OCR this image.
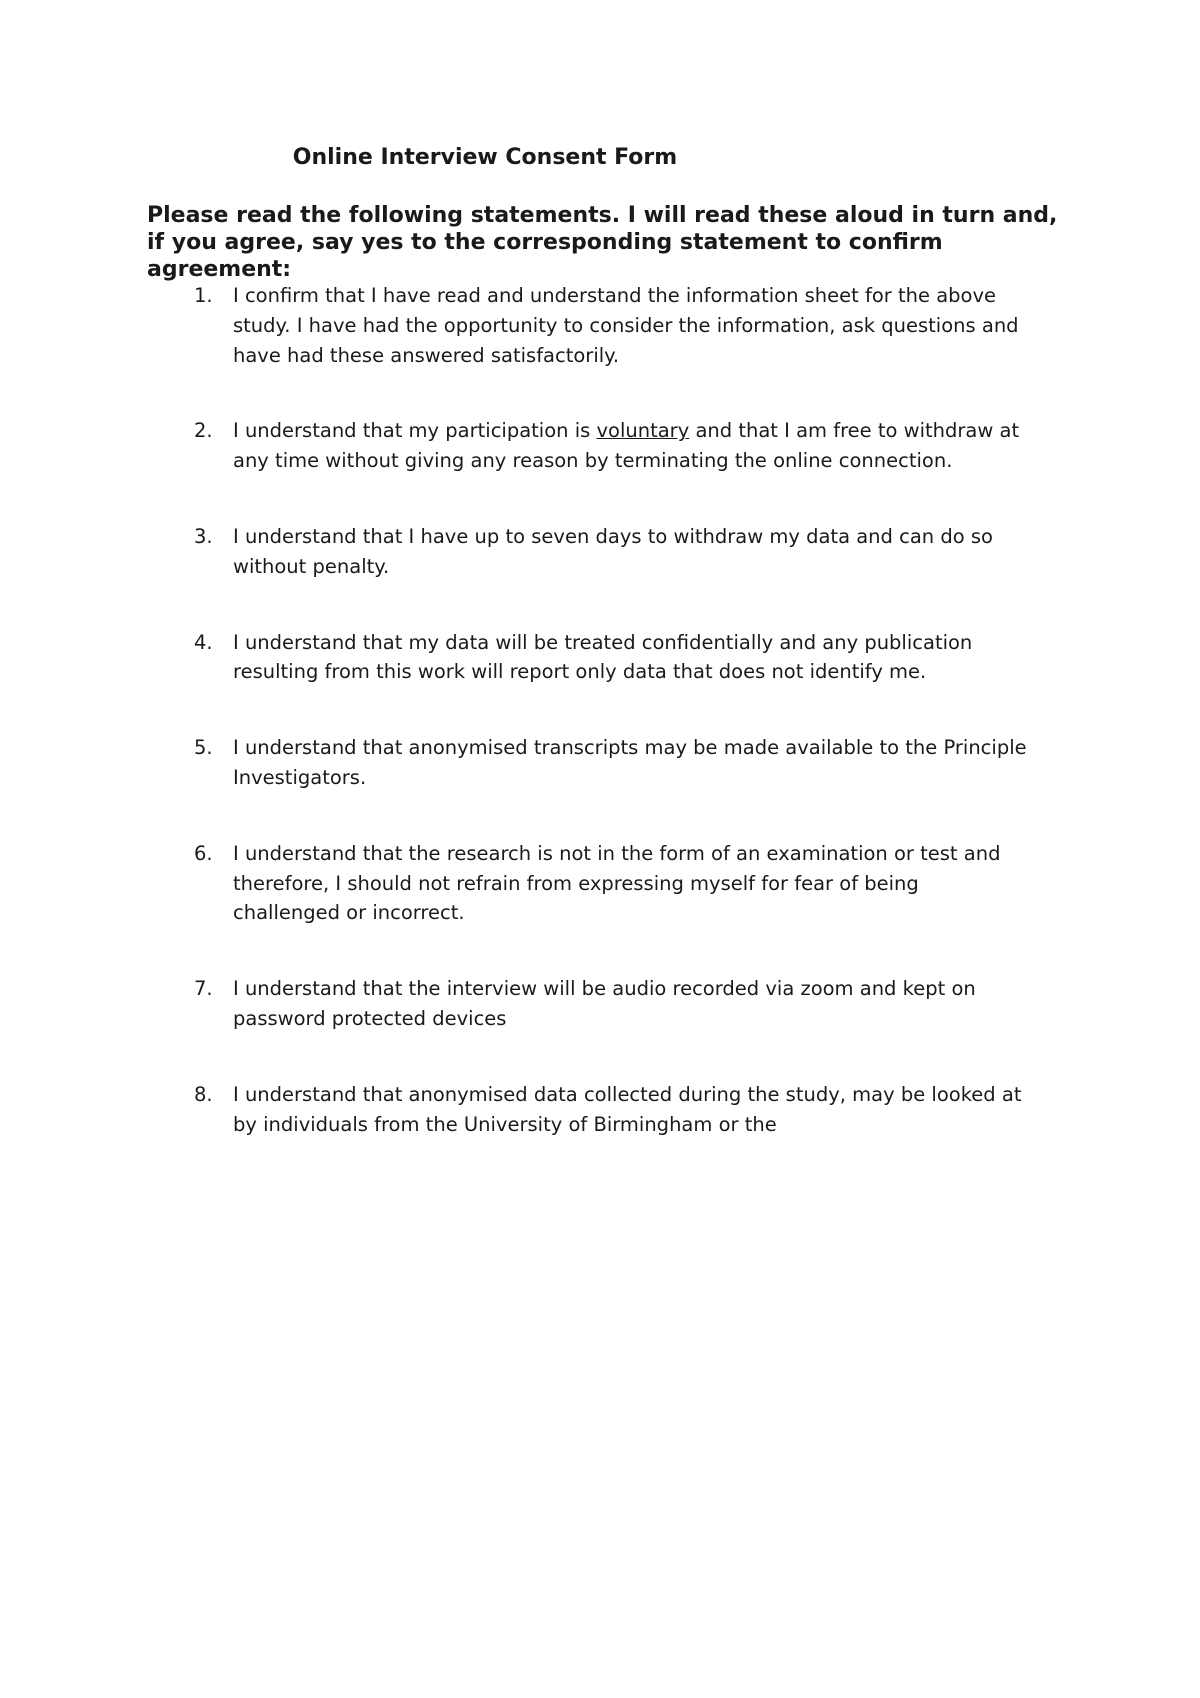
Online Interview Consent Form

Please read the following statements. I will read these aloud in turn and, if you agree, say yes to the corresponding statement to confirm agreement:

1. I confirm that I have read and understand the information sheet for the above study. I have had the opportunity to consider the information, ask questions and have had these answered satisfactorily.
2. I understand that my participation is voluntary and that I am free to withdraw at any time without giving any reason by terminating the online connection.
3. I understand that I have up to seven days to withdraw my data and can do so without penalty.
4. I understand that my data will be treated confidentially and any publication resulting from this work will report only data that does not identify me.
5. I understand that anonymised transcripts may be made available to the Principle Investigators.
6. I understand that the research is not in the form of an examination or test and therefore, I should not refrain from expressing myself for fear of being challenged or incorrect.
7. I understand that the interview will be audio recorded via zoom and kept on password protected devices
8. I understand that anonymised data collected during the study, may be looked at by individuals from the University of Birmingham or the
